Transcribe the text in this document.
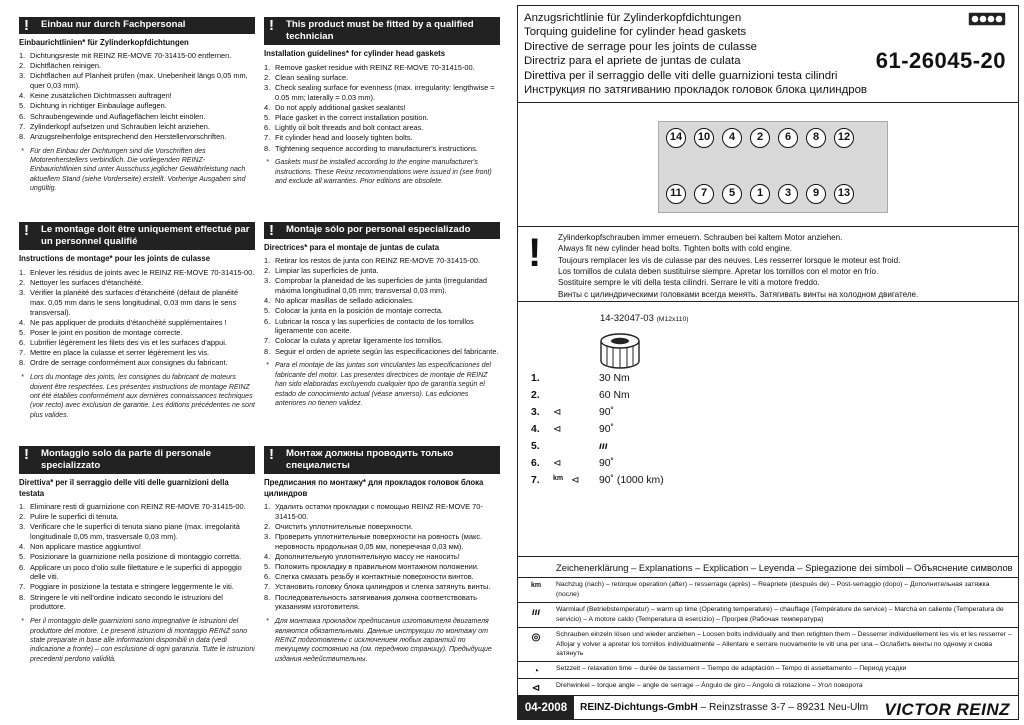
! Einbau nur durch Fachpersonal
Einbaurichtlinien* für Zylinderkopfdichtungen
1. Dichtungsreste mit REINZ RE-MOVE 70-31415-00 entfernen.
2. Dichtflächen reinigen.
3. Dichtflächen auf Planheit prüfen (max. Unebenheit längs 0,05 mm, quer 0,03 mm).
4. Keine zusätzlichen Dichtmassen auftragen!
5. Dichtung in richtiger Einbaulage auflegen.
6. Schraubengewinde und Auflageflächen leicht einölen.
7. Zylinderkopf aufsetzen und Schrauben leicht anziehen.
8. Anzugsreihenfolge entsprechend den Herstellervorschriften.
* Für den Einbau der Dichtungen sind die Vorschriften des Motorenherstellers verbindlich. Die vorliegenden REINZ-Einbaurichtlinien sind unter Ausschuss jeglicher Gewährleistung nach aktuellem Stand (siehe Vorderseite) erstellt. Vorherige Ausgaben sind ungültig.
! This product must be fitted by a qualified technician
Installation guidelines* for cylinder head gaskets
1. Remove gasket residue with REINZ RE-MOVE 70-31415-00.
2. Clean sealing surface.
3. Check sealing surface for evenness (max. irregularity: lengthwise = 0.05 mm; laterally = 0.03 mm).
4. Do not apply additional gasket sealants!
5. Place gasket in the correct installation position.
6. Lightly oil bolt threads and bolt contact areas.
7. Fit cylinder head and loosely tighten bolts.
8. Tightening sequence according to manufacturer's instructions.
* Gaskets must be installed according to the engine manufacturer's instructions. These Reinz recommendations were issued in (see front) and exclude all warranties. Prior editions are obsolete.
! Le montage doit être uniquement effectué par un personnel qualifié
Instructions de montage* pour les joints de culasse
1. Enlever les résidus de joints avec le REINZ RE-MOVE 70-31415-00.
2. Nettoyer les surfaces d'étanchéité.
3. Vérifier la planéité des surfaces d'étanchéité (défaut de planéité max. 0,05 mm dans le sens longitudinal, 0,03 mm dans le sens transversal).
4. Ne pas appliquer de produits d'étanchéité supplémentaires !
5. Poser le joint en position de montage correcte.
6. Lubrifier légèrement les filets des vis et les surfaces d'appui.
7. Mettre en place la culasse et serrer légèrement les vis.
8. Ordre de serrage conformément aux consignes du fabricant.
* Lors du montage des joints, les consignes du fabricant de moteurs doivent être respectées. Les présentes instructions de montage REINZ ont été établies conformément aux dernières connaissances techniques (voir recto) avec exclusion de garantie. Les éditions précédentes ne sont plus valides.
! Montaje sólo por personal especializado
Directrices* para el montaje de juntas de culata
1. Retirar los restos de junta con REINZ RE-MOVE 70-31415-00.
2. Limpiar las superficies de junta.
3. Comprobar la planeidad de las superficies de junta (irregularidad máxima longitudinal 0,05 mm; transversal 0,03 mm).
4. No aplicar masillas de sellado adicionales.
5. Colocar la junta en la posición de montaje correcta.
6. Lubricar la rosca y las superficies de contacto de los tornillos ligeramente con aceite.
7. Colocar la culata y apretar ligeramente los tornillos.
8. Seguir el orden de apriete según las especificaciones del fabricante.
* Para el montaje de las juntas son vinculantes las especificaciones del fabricante del motor. Las presentes directrices de montaje de REINZ han sido elaboradas excluyendo cualquier tipo de garantía según el estado de conocimiento actual (véase anverso). Las ediciones anteriores no tienen validez.
! Montaggio solo da parte di personale specializzato
Direttiva* per il serraggio delle viti delle guarnizioni della testata
1. Eliminare resti di guarnizione con REINZ RE-MOVE 70-31415-00.
2. Pulire le superfici di tenuta.
3. Verificare che le superfici di tenuta siano piane (max. irregolarità longitudinale 0,05 mm, trasversale 0,03 mm).
4. Non applicare mastice aggiuntivo!
5. Posizionare la guarnizione nella posizione di montaggio corretta.
6. Applicare un poco d'olio sulle filettature e le superfici di appoggio delle viti.
7. Poggiare in posizione la testata e stringere leggermente le viti.
8. Stringere le viti nell'ordine indicato secondo le istruzioni del produttore.
* Per il montaggio delle guarnizioni sono impegnative le istruzioni del produttore del motore. Le presenti istruzioni di montaggio REINZ sono state preparate in base alle informazioni disponibili in data (vedi indicazione a fronte) – con esclusione di ogni garanzia. Tutte le istruzioni precedenti perdono validità.
! Монтаж должны проводить только специалисты
Предписания по монтажу* для прокладок головок блока цилиндров
1. Удалить остатки прокладки с помощью REINZ RE-MOVE 70-31415-00.
2. Очистить уплотнительные поверхности.
3. Проверить уплотнительные поверхности на ровность (макс. неровность продольная 0,05 мм, поперечная 0,03 мм).
4. Дополнительную уплотнительную массу не наносить!
5. Положить прокладку в правильном монтажном положении.
6. Слегка смазать резьбу и контактные поверхности винтов.
7. Установить головку блока цилиндров и слегка затянуть винты.
8. Последовательность затягивания должна соответствовать указаниям изготовителя.
* Для монтажа прокладок предписания изготовителя двигателя являются обязательными. Данные инструкции по монтажу от REINZ подготовлены с исключением любых гарантий по текущему состоянию на (см. переднюю страницу). Предыдущие издания недействительны.
Anzugsrichtlinie für Zylinderkopfdichtungen
Torquing guideline for cylinder head gaskets
Directive de serrage pour les joints de culasse
Directriz para el apriete de juntas de culata
Direttiva per il serraggio delle viti delle guarnizioni testa cilindri
Инструкция по затягиванию прокладок головок блока цилиндров
61-26045-20
14	10	4	2	6	8	12
11	7	5	1	3	9	13
! Zylinderkopfschrauben immer erneuern. Schrauben bei kaltem Motor anziehen.
Always fit new cylinder head bolts. Tighten bolts with cold engine.
Toujours remplacer les vis de culasse par des neuves. Les resserrer lorsque le moteur est froid.
Los tornillos de culata deben sustituirse siempre. Apretar los tornillos con el motor en frío.
Sostituire sempre le viti della testa cilindri. Serrare le viti a motore freddo.
Винты с цилиндрическими головками всегда менять. Затягивать винты на холодном двигателе.
14-32047-03 (M12x110)
1.	30 Nm
2.	60 Nm
3. ⊲	90˚
4. ⊲	90˚
5.	ııı
6. ⊲	90˚
7. km ⊲ 90˚ (1000 km)
Zeichenerklärung – Explanations – Explication – Leyenda – Spiegazione dei simboli – Объяснение символов
km	Nachzug (nach) – retorque operation (after) – resserrage (après) – Reapriete (después de) – Post-serraggio (dopo) – Дополнительная затяжка (после)
ııı	Warmlauf (Betriebstemperatur) – warm up time (Operating temperature) – chauffage (Température de service) – Marcha en caliente (Temperatura de servicio) – A motore caldo (Temperatura di esercizio) – Прогрев (Рабочая температура)
◎	Schrauben einzeln lösen und wieder anziehen – Loosen bolts individually and then retighten them – Desserrer individuellement les vis et les resserrer – Aflojar y volver a apretar los tornillos individualmente – Allentare e serrare nuovamente le viti una per una – Ослабить винты по одному и снова затянуть
◔	Setzzeit – relaxation time – durée de tassement – Tiempo de adaptación – Tempo di assettamento – Период усадки
⊲	Drehwinkel – torque angle – angle de serrage – Ángulo de giro – Angolo di rotazione – Угол поворота
04-2008	REINZ-Dichtungs-GmbH – Reinzstrasse 3-7 – 89231 Neu-Ulm VICTOR REINZ
